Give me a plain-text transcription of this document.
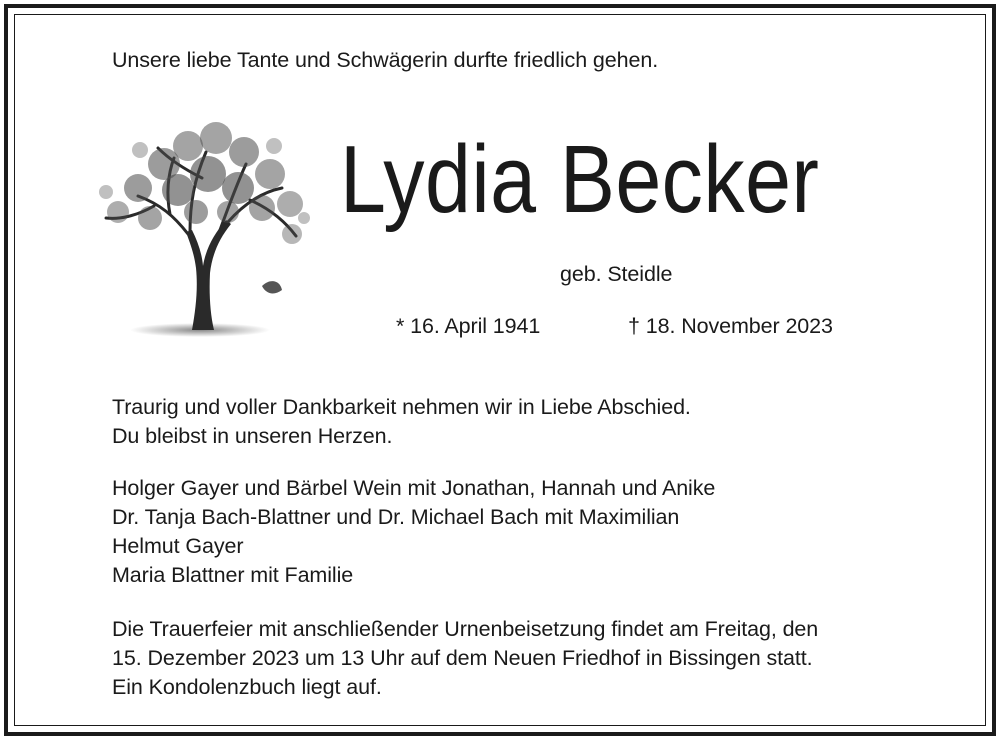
Unsere liebe Tante und Schwägerin durfte friedlich gehen.
Lydia Becker
geb. Steidle
* 16. April 1941	† 18. November 2023
Traurig und voller Dankbarkeit nehmen wir in Liebe Abschied.
Du bleibst in unseren Herzen.
Holger Gayer und Bärbel Wein mit Jonathan, Hannah und Anike
Dr. Tanja Bach-Blattner und Dr. Michael Bach mit Maximilian
Helmut Gayer
Maria Blattner mit Familie
Die Trauerfeier mit anschließender Urnenbeisetzung findet am Freitag, den
15. Dezember 2023 um 13 Uhr auf dem Neuen Friedhof in Bissingen statt.
Ein Kondolenzbuch liegt auf.
